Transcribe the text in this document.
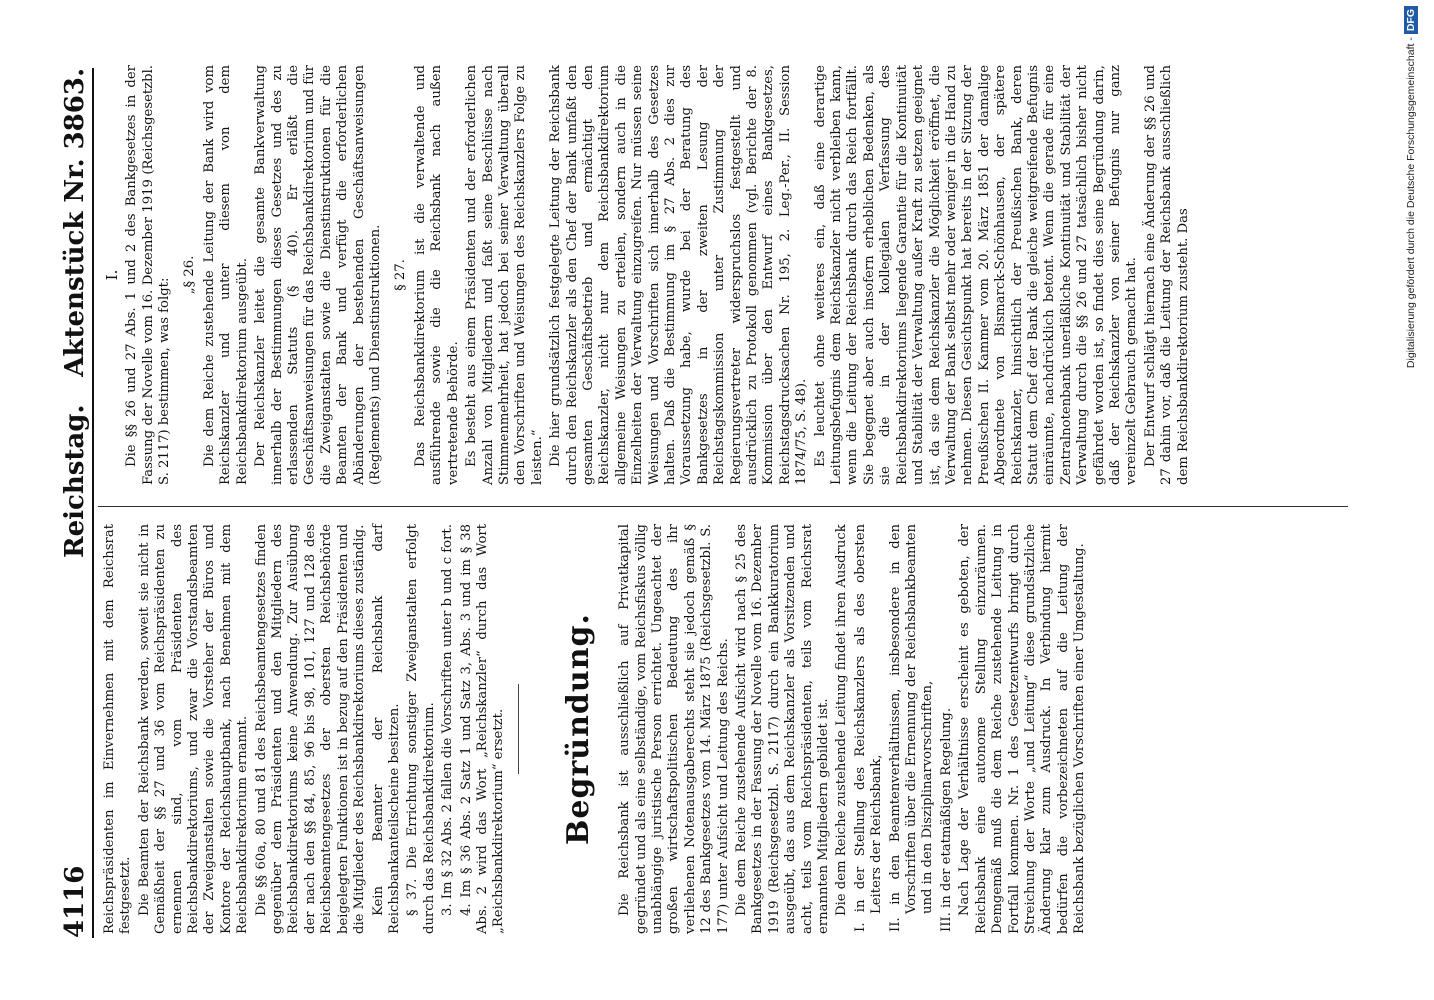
4116
Reichstag.
Aktenstück Nr. 3863.

Reichspräsidenten im Einvernehmen mit dem Reichsrat festgesetzt. Die Beamten der Reichsbank werden, soweit sie nicht in Gemäßheit der §§ 27 und 36 vom Reichspräsidenten zu ernennen sind, vom Präsidenten des Reichsbankdirektoriums, und zwar die Vorstandsbeamten der Zweiganstalten sowie die Vorsteher der Büros und Kontore der Reichshauptbank, nach Benehmen mit dem Reichsbankdirektorium ernannt. Die §§ 60a, 80 und 81 des Reichsbeamtengesetzes finden gegenüber dem Präsidenten und den Mitgliedern des Reichsbankdirektoriums keine Anwendung. Zur Ausübung der nach den §§ 84, 85, 96 bis 98, 101, 127 und 128 des Reichsbeamtengesetzes der obersten Reichsbehörde beigelegten Funktionen ist in bezug auf den Präsidenten und die Mitglieder des Reichsbankdirektoriums dieses zuständig. Kein Beamter der Reichsbank darf Reichsbankanteilscheine besitzen. § 37. Die Errichtung sonstiger Zweiganstalten erfolgt durch das Reichsbankdirektorium. 3. Im § 32 Abs. 2 fallen die Vorschriften unter b und c fort. 4. Im § 36 Abs. 2 Satz 1 und Satz 3, Abs. 3 und im § 38 Abs. 2 wird das Wort „Reichskanzler“ durch das Wort „Reichsbankdirektorium“ ersetzt. Begründung. Die Reichsbank ist ausschließlich auf Privatkapital gegründet und als eine selbständige, vom Reichsfiskus völlig unabhängige juristische Person errichtet. Ungeachtet der großen wirtschaftspolitischen Bedeutung des ihr verliehenen Notenausgaberechts steht sie jedoch gemäß § 12 des Bankgesetzes vom 14. März 1875 (Reichsgesetzbl. S. 177) unter Aufsicht und Leitung des Reichs. Die dem Reiche zustehende Aufsicht wird nach § 25 des Bankgesetzes in der Fassung der Novelle vom 16. Dezember 1919 (Reichsgesetzbl. S. 2117) durch ein Bankkuratorium ausgeübt, das aus dem Reichskanzler als Vorsitzenden und acht, teils vom Reichspräsidenten, teils vom Reichsrat ernannten Mitgliedern gebildet ist. Die dem Reiche zustehende Leitung findet ihren Ausdruck I. in der Stellung des Reichskanzlers als des obersten Leiters der Reichsbank, II. in den Beamtenverhältnissen, insbesondere in den Vorschriften über die Ernennung der Reichsbankbeamten und in den Disziplinarvorschriften, III. in der etatmäßigen Regelung. Nach Lage der Verhältnisse erscheint es geboten, der Reichsbank eine autonome Stellung einzuräumen. Demgemäß muß die dem Reiche zustehende Leitung in Fortfall kommen. Nr. 1 des Gesetzentwurfs bringt durch Streichung der Worte „und Leitung“ diese grundsätzliche Änderung klar zum Ausdruck. In Verbindung hiermit bedürfen die vorbezeichneten auf die Leitung der Reichsbank bezüglichen Vorschriften einer Umgestaltung.

I. Die §§ 26 und 27 Abs. 1 und 2 des Bankgesetzes in der Fassung der Novelle vom 16. Dezember 1919 (Reichsgesetzbl. S. 2117) bestimmen, was folgt:

„§ 26. Die dem Reiche zustehende Leitung der Bank wird vom Reichskanzler und unter diesem von dem Reichsbankdirektorium ausgeübt. Der Reichskanzler leitet die gesamte Bankverwaltung innerhalb der Bestimmungen dieses Gesetzes und des zu erlassenden Statuts (§ 40). Er erläßt die Geschäftsanweisungen für das Reichsbankdirektorium und für die Zweiganstalten sowie die Dienstinstruktionen für die Beamten der Bank und verfügt die erforderlichen Abänderungen der bestehenden Geschäftsanweisungen (Reglements) und Dienstinstruktionen. § 27. Das Reichsbankdirektorium ist die verwaltende und ausführende sowie die die Reichsbank nach außen vertretende Behörde. Es besteht aus einem Präsidenten und der erforderlichen Anzahl von Mitgliedern und faßt seine Beschlüsse nach Stimmenmehrheit, hat jedoch bei seiner Verwaltung überall den Vorschriften und Weisungen des Reichskanzlers Folge zu leisten.“ Die hier grundsätzlich festgelegte Leitung der Reichsbank durch den Reichskanzler als den Chef der Bank umfaßt den gesamten Geschäftsbetrieb und ermächtigt den Reichskanzler, nicht nur dem Reichsbankdirektorium allgemeine Weisungen zu erteilen, sondern auch in die Einzelheiten der Verwaltung einzugreifen. Nur müssen seine Weisungen und Vorschriften sich innerhalb des Gesetzes halten. Daß die Bestimmung im § 27 Abs. 2 dies zur Voraussetzung habe, wurde bei der Beratung des Bankgesetzes in der zweiten Lesung der Reichstagskommission unter Zustimmung der Regierungsvertreter widerspruchslos festgestellt und ausdrücklich zu Protokoll genommen (vgl. Berichte der 8. Kommission über den Entwurf eines Bankgesetzes, Reichstagsdrucksachen Nr. 195, 2. Leg.-Per., II. Session 1874/75, S. 48). Es leuchtet ohne weiteres ein, daß eine derartige Leitungsbefugnis dem Reichskanzler nicht verbleiben kann, wenn die Leitung der Reichsbank durch das Reich fortfällt. Sie begegnet aber auch insofern erheblichen Bedenken, als sie die in der kollegialen Verfassung des Reichsbankdirektoriums liegende Garantie für die Kontinuität und Stabilität der Verwaltung außer Kraft zu setzen geeignet ist, da sie dem Reichskanzler die Möglichkeit eröffnet, die Verwaltung der Bank selbst mehr oder weniger in die Hand zu nehmen. Diesen Gesichtspunkt hat bereits in der Sitzung der Preußischen II. Kammer vom 20. März 1851 der damalige Abgeordnete von Bismarck-Schönhausen, der spätere Reichskanzler, hinsichtlich der Preußischen Bank, deren Statut dem Chef der Bank die gleiche weitgreifende Befugnis einräumte, nachdrücklich betont. Wenn die gerade für eine Zentralnotenbank unerläßliche Kontinuität und Stabilität der Verwaltung durch die §§ 26 und 27 tatsächlich bisher nicht gefährdet worden ist, so findet dies seine Begründung darin, daß der Reichskanzler von seiner Befugnis nur ganz vereinzelt Gebrauch gemacht hat. Der Entwurf schlägt hiernach eine Änderung der §§ 26 und 27 dahin vor, daß die Leitung der Reichsbank ausschließlich dem Reichsbankdirektorium zusteht. Das	Digitalisierung gefördert durch die Deutsche Forschungsgemeinschaft -DFG
